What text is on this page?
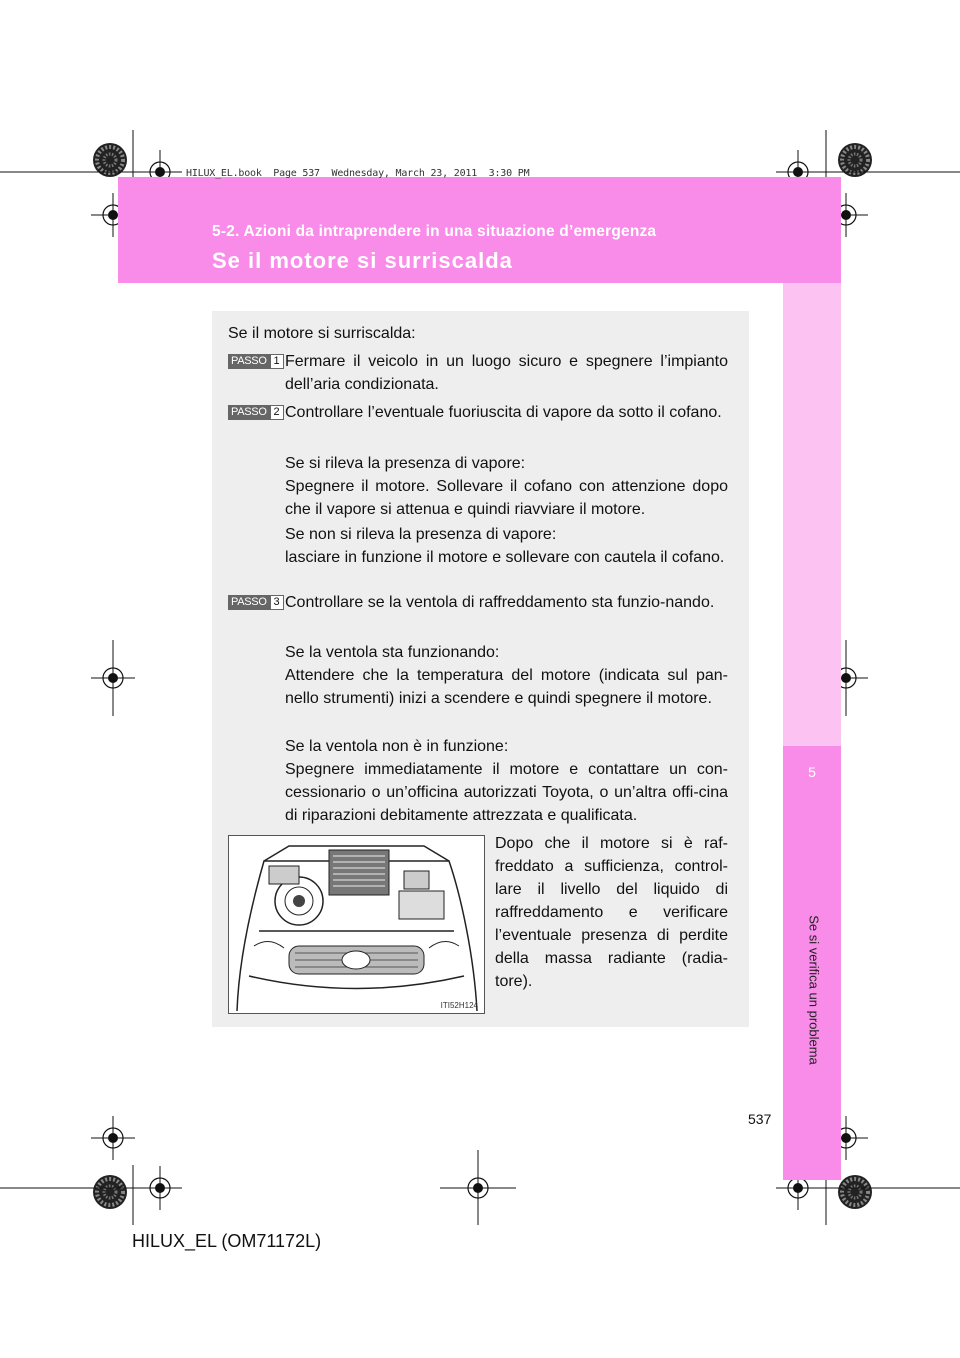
HILUX_EL.book  Page 537  Wednesday, March 23, 2011  3:30 PM
5-2. Azioni da intraprendere in una situazione d’emergenza
Se il motore si surriscalda
5
Se si verifica un problema
Se il motore si surriscalda:
PASSO 1 Fermare il veicolo in un luogo sicuro e spegnere l’impianto dell’aria condizionata.
PASSO 2 Controllare l’eventuale fuoriuscita di vapore da sotto il cofano.
Se si rileva la presenza di vapore:
Spegnere il motore. Sollevare il cofano con attenzione dopo che il vapore si attenua e quindi riavviare il motore.
Se non si rileva la presenza di vapore:
lasciare in funzione il motore e sollevare con cautela il cofano.
PASSO 3 Controllare se la ventola di raffreddamento sta funzio-nando.
Se la ventola sta funzionando:
Attendere che la temperatura del motore (indicata sul pan-nello strumenti) inizi a scendere e quindi spegnere il motore.
Se la ventola non è in funzione:
Spegnere immediatamente il motore e contattare un con-cessionario o un’officina autorizzati Toyota, o un’altra offi-cina di riparazioni debitamente attrezzata e qualificata.
Dopo che il motore si è raf-freddato a sufficienza, control-lare il livello del liquido di raffreddamento e verificare l’eventuale presenza di perdite della massa radiante (radia-tore).
ITI52H124
537
HILUX_EL (OM71172L)
